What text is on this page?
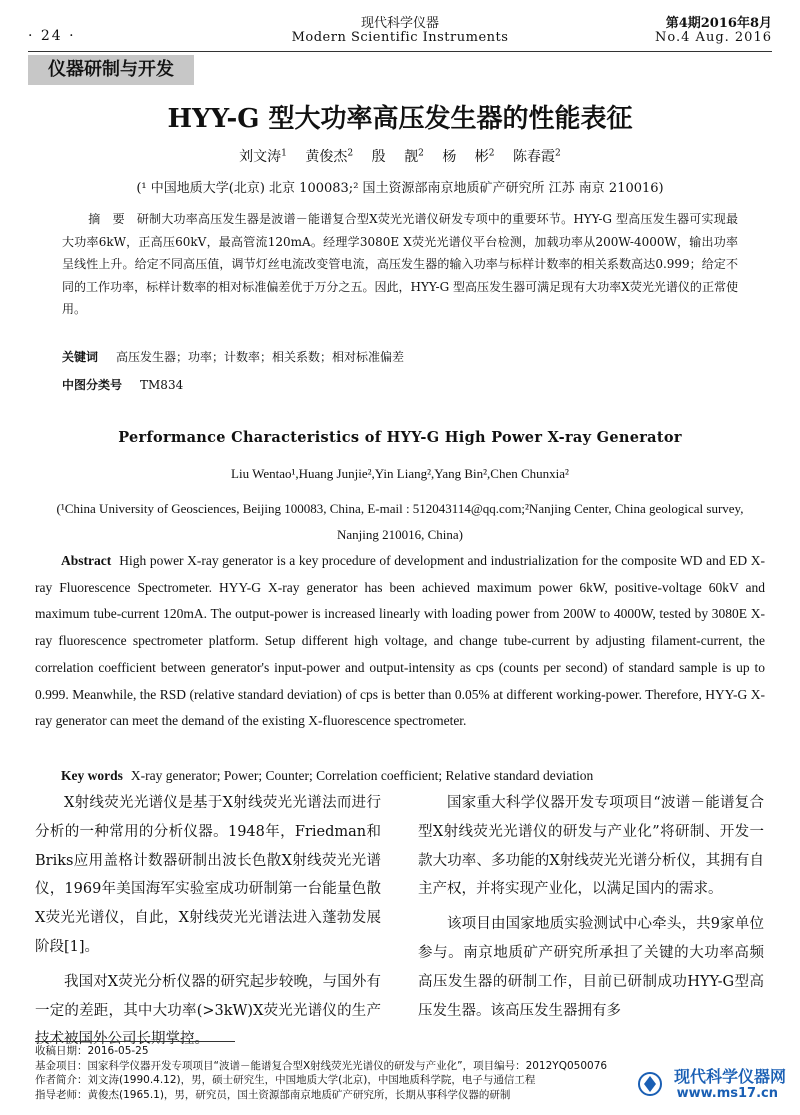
· 24 ·
现代科学仪器
Modern Scientific Instruments
第4期2016年8月
No.4 Aug. 2016
仪器研制与开发
HYY-G 型大功率高压发生器的性能表征
刘文涛$^1$ 黄俊杰$^2$ 殷 靓$^2$ 杨 彬$^2$ 陈春霞$^2$
(¹ 中国地质大学(北京) 北京 100083;² 国土资源部南京地质矿产研究所 江苏 南京 210016)
摘　要 研制大功率高压发生器是波谱－能谱复合型X荧光光谱仪研发专项中的重要环节。HYY-G 型高压发生器可实现最大功率6kW，正高压60kV，最高管流120mA。经理学3080E X荧光光谱仪平台检测，加载功率从200W-4000W，输出功率呈线性上升。给定不同高压值，调节灯丝电流改变管电流，高压发生器的输入功率与标样计数率的相关系数高达0.999；给定不同的工作功率，标样计数率的相对标准偏差优于万分之五。因此，HYY-G 型高压发生器可满足现有大功率X荧光光谱仪的正常使用。
关键词 高压发生器；功率；计数率；相关系数；相对标准偏差
中图分类号 TM834
Performance Characteristics of HYY-G High Power X-ray Generator
Liu Wentao¹,Huang Junjie²,Yin Liang²,Yang Bin²,Chen Chunxia²
(¹China University of Geosciences, Beijing 100083, China, E-mail : 512043114@qq.com;²Nanjing Center, China geological survey, Nanjing 210016, China)
Abstract High power X-ray generator is a key procedure of development and industrialization for the composite WD and ED X-ray Fluorescence Spectrometer. HYY-G X-ray generator has been achieved maximum power 6kW, positive-voltage 60kV and maximum tube-current 120mA. The output-power is increased linearly with loading power from 200W to 4000W, tested by 3080E X-ray fluorescence spectrometer platform. Setup different high voltage, and change tube-current by adjusting filament-current, the correlation coefficient between generator's input-power and output-intensity as cps (counts per second) of standard sample is up to 0.999. Meanwhile, the RSD (relative standard deviation) of cps is better than 0.05% at different working-power. Therefore, HYY-G X-ray generator can meet the demand of the existing X-fluorescence spectrometer.
Key words X-ray generator; Power; Counter; Correlation coefficient; Relative standard deviation

X射线荧光光谱仪是基于X射线荧光光谱法而进行分析的一种常用的分析仪器。1948年，Friedman和Briks应用盖格计数器研制出波长色散X射线荧光光谱仪，1969年美国海军实验室成功研制第一台能量色散X荧光光谱仪，自此，X射线荧光光谱法进入蓬勃发展阶段[1]。

我国对X荧光分析仪器的研究起步较晚，与国外有一定的差距，其中大功率(>3kW)X荧光光谱仪的生产技术被国外公司长期掌控。

国家重大科学仪器开发专项项目“波谱－能谱复合型X射线荧光光谱仪的研发与产业化”将研制、开发一款大功率、多功能的X射线荧光光谱分析仪，其拥有自主产权，并将实现产业化，以满足国内的需求。

该项目由国家地质实验测试中心牵头，共9家单位参与。南京地质矿产研究所承担了关键的大功率高频高压发生器的研制工作，目前已研制成功HYY-G型高压发生器。该高压发生器拥有多

收稿日期：2016-05-25
基金项目：国家科学仪器开发专项项目“波谱－能谱复合型X射线荧光光谱仪的研发与产业化”，项目编号：2012YQ050076
作者简介：刘文涛(1990.4.12)，男，硕士研究生，中国地质大学(北京)，中国地质科学院，电子与通信工程
指导老师：黄俊杰(1965.1)，男，研究员，国土资源部南京地质矿产研究所，长期从事科学仪器的研制
现代科学仪器网
www.ms17.cn
